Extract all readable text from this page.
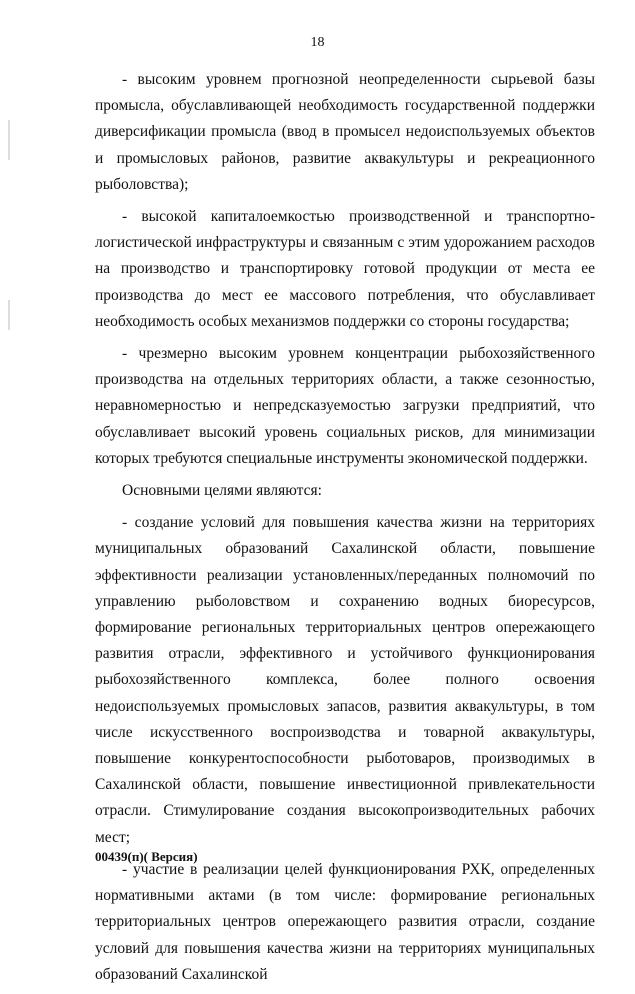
18

- высоким уровнем прогнозной неопределенности сырьевой базы промысла, обуславливающей необходимость государственной поддержки диверсификации промысла (ввод в промысел недоиспользуемых объектов и промысловых районов, развитие аквакультуры и рекреационного рыболовства);

- высокой капиталоемкостью производственной и транспортно-логистической инфраструктуры и связанным с этим удорожанием расходов на производство и транспортировку готовой продукции от места ее производства до мест ее массового потребления, что обуславливает необходимость особых механизмов поддержки со стороны государства;

- чрезмерно высоким уровнем концентрации рыбохозяйственного производства на отдельных территориях области, а также сезонностью, неравномерностью и непредсказуемостью загрузки предприятий, что обуславливает высокий уровень социальных рисков, для минимизации которых требуются специальные инструменты экономической поддержки.

Основными целями являются:

- создание условий для повышения качества жизни на территориях муниципальных образований Сахалинской области, повышение эффективности реализации установленных/переданных полномочий по управлению рыболовством и сохранению водных биоресурсов, формирование региональных территориальных центров опережающего развития отрасли, эффективного и устойчивого функционирования рыбохозяйственного комплекса, более полного освоения недоиспользуемых промысловых запасов, развития аквакультуры, в том числе искусственного воспроизводства и товарной аквакультуры, повышение конкурентоспособности рыботоваров, производимых в Сахалинской области, повышение инвестиционной привлекательности отрасли. Стимулирование создания высокопроизводительных рабочих мест;

- участие в реализации целей функционирования РХК, определенных нормативными актами (в том числе: формирование региональных территориальных центров опережающего развития отрасли, создание условий для повышения качества жизни на территориях муниципальных образований Сахалинской

00439(п)( Версия)
